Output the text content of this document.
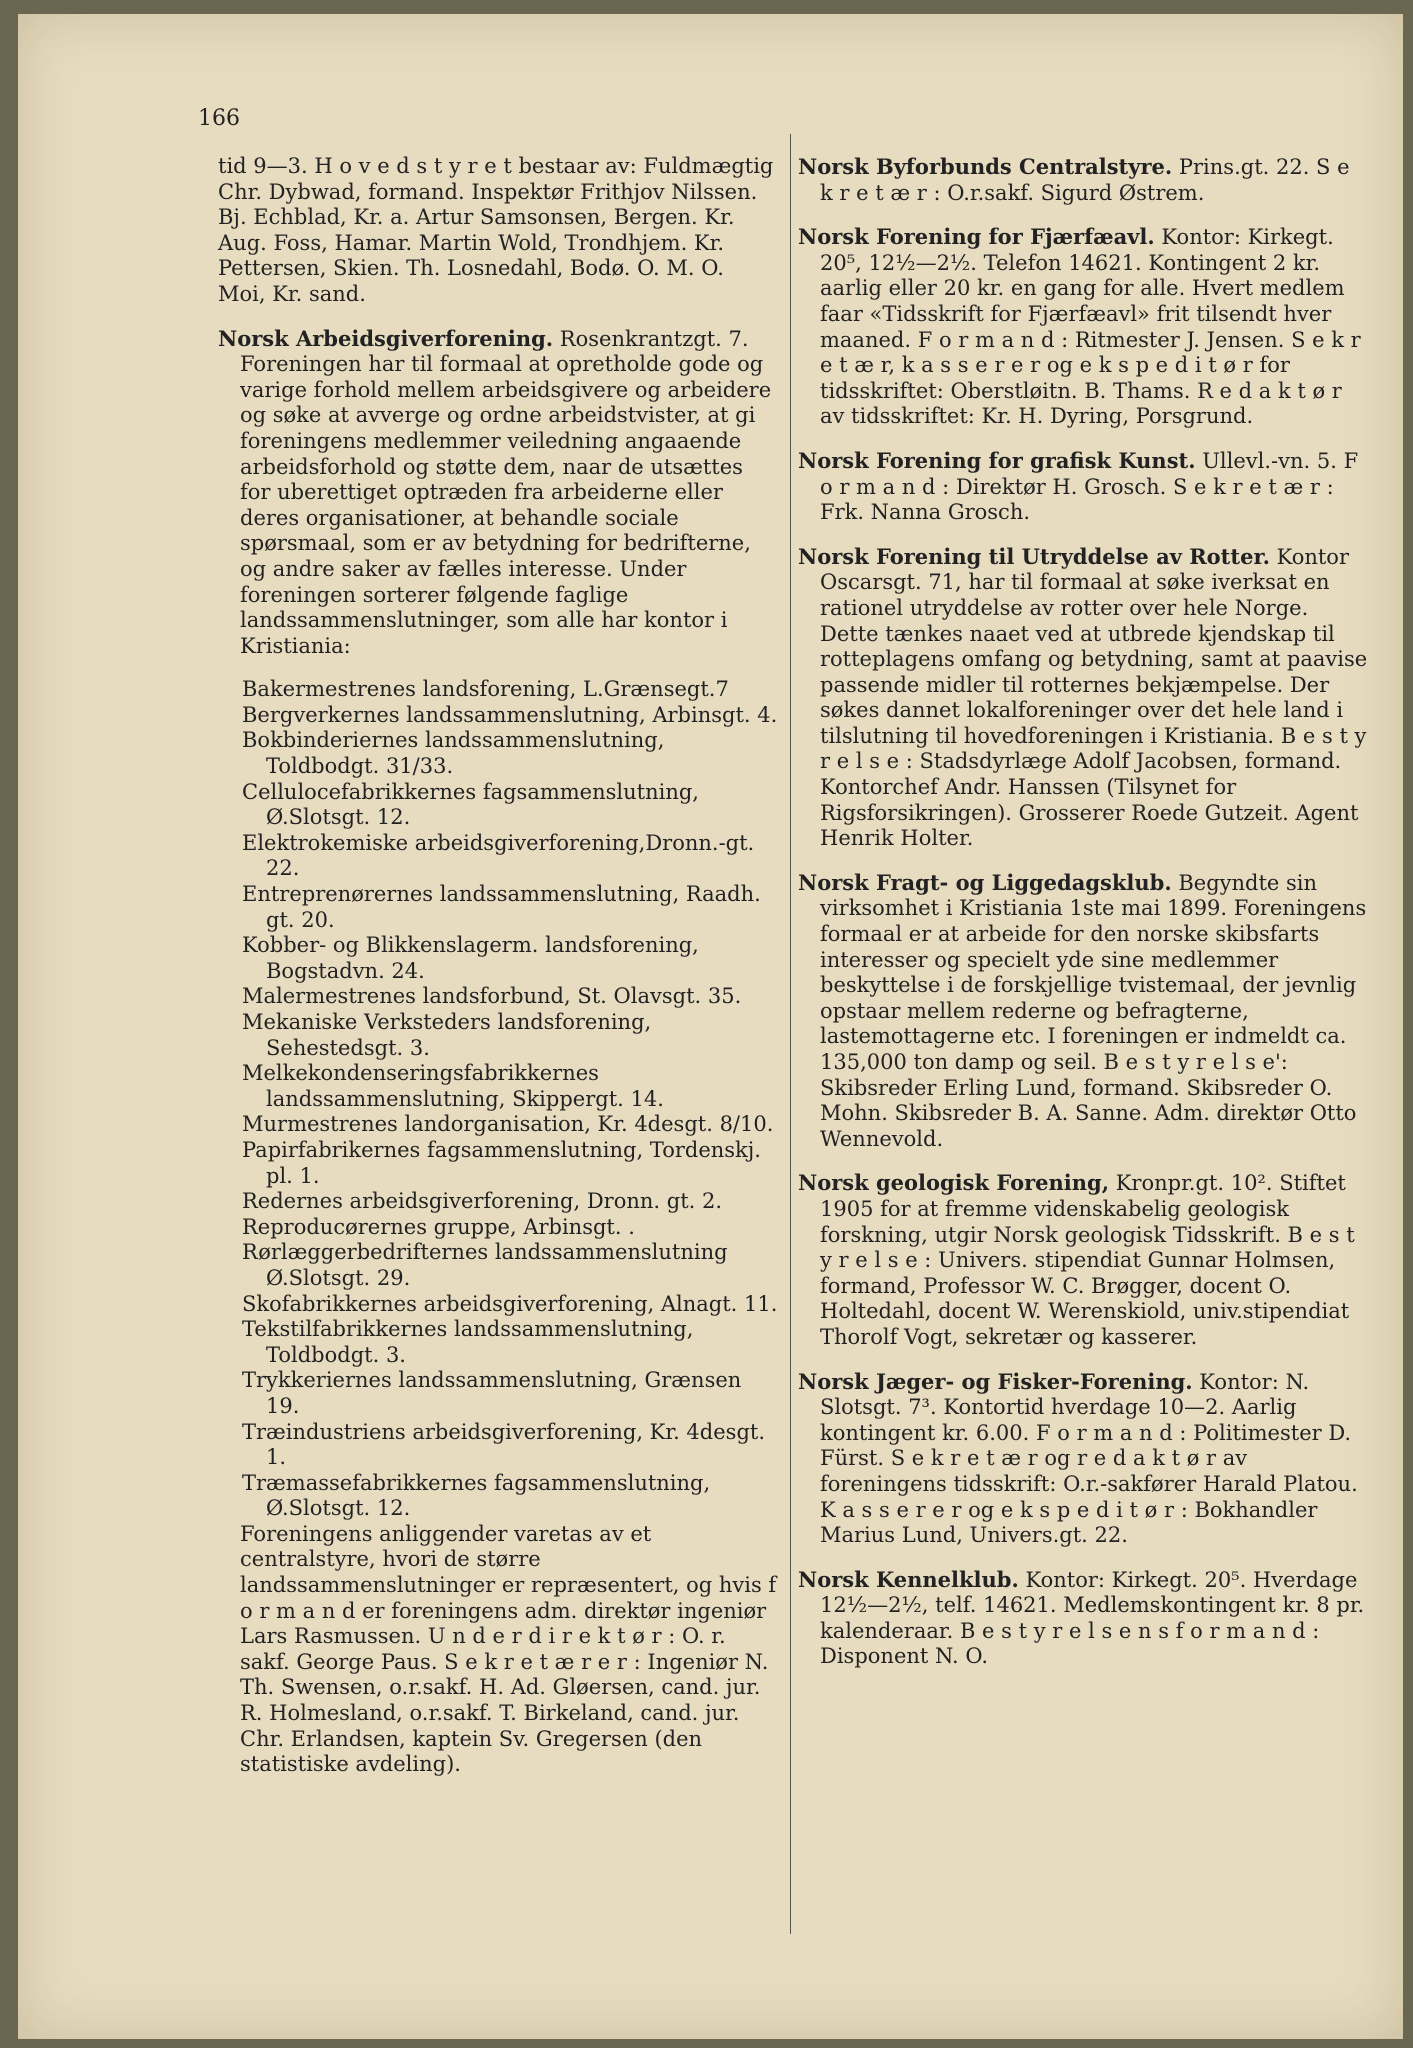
166

tid 9—3. H o v e d s t y r e t bestaar av: Fuldmægtig Chr. Dybwad, formand. Inspektør Frithjov Nilssen. Bj. Echblad, Kr. a. Artur Samsonsen, Bergen. Kr. Aug. Foss, Hamar. Martin Wold, Trondhjem. Kr. Pettersen, Skien. Th. Losnedahl, Bodø. O. M. O. Moi, Kr. sand.

Norsk Arbeidsgiverforening. Rosenkrantzgt. 7. Foreningen har til formaal at opretholde gode og varige forhold mellem arbeidsgivere og arbeidere og søke at avverge og ordne arbeidstvister, at gi foreningens medlemmer veiledning angaaende arbeidsforhold og støtte dem, naar de utsættes for uberettiget optræden fra arbeiderne eller deres organisationer, at behandle sociale spørsmaal, som er av betydning for bedrifterne, og andre saker av fælles interesse. Under foreningen sorterer følgende faglige landssammenslutninger, som alle har kontor i Kristiania:

Bakermestrenes landsforening, L.Grænsegt.7
Bergverkernes landssammenslutning, Arbinsgt. 4.
Bokbinderiernes landssammenslutning, Toldbodgt. 31/33.
Cellulocefabrikkernes fagsammenslutning, Ø.Slotsgt. 12.
Elektrokemiske arbeidsgiverforening,Dronn.-gt. 22.
Entreprenørernes landssammenslutning, Raadh. gt. 20.
Kobber- og Blikkenslagerm. landsforening, Bogstadvn. 24.
Malermestrenes landsforbund, St. Olavsgt. 35.
Mekaniske Verksteders landsforening, Sehestedsgt. 3.
Melkekondenseringsfabrikkernes landssammenslutning, Skippergt. 14.
Murmestrenes landorganisation, Kr. 4desgt. 8/10.
Papirfabrikernes fagsammenslutning, Tordenskj. pl. 1.
Redernes arbeidsgiverforening, Dronn. gt. 2.
Reproducørernes gruppe, Arbinsgt. .
Rørlæggerbedrifternes landssammenslutning Ø.Slotsgt. 29.
Skofabrikkernes arbeidsgiverforening, Alnagt. 11.
Tekstilfabrikkernes landssammenslutning, Toldbodgt. 3.
Trykkeriernes landssammenslutning, Grænsen 19.
Træindustriens arbeidsgiverforening, Kr. 4desgt. 1.
Træmassefabrikkernes fagsammenslutning, Ø.Slotsgt. 12.

Foreningens anliggender varetas av et centralstyre, hvori de større landssammenslutninger er repræsentert, og hvis f o r m a n d er foreningens adm. direktør ingeniør Lars Rasmussen. U n d e r d i r e k t ø r : O. r. sakf. George Paus. S e k r e t æ r e r : Ingeniør N. Th. Swensen, o.r.sakf. H. Ad. Gløersen, cand. jur. R. Holmesland, o.r.sakf. T. Birkeland, cand. jur. Chr. Erlandsen, kaptein Sv. Gregersen (den statistiske avdeling).

Norsk Byforbunds Centralstyre. Prins.gt. 22. S e k r e t æ r : O.r.sakf. Sigurd Østrem.

Norsk Forening for Fjærfæavl. Kontor: Kirkegt. 20⁵, 12½—2½. Telefon 14621. Kontingent 2 kr. aarlig eller 20 kr. en gang for alle. Hvert medlem faar «Tidsskrift for Fjærfæavl» frit tilsendt hver maaned. F o r m a n d : Ritmester J. Jensen. S e k r e t æ r, k a s s e r e r og e k s p e d i t ø r for tidsskriftet: Oberstløitn. B. Thams. R e d a k t ø r av tidsskriftet: Kr. H. Dyring, Porsgrund.

Norsk Forening for grafisk Kunst. Ullevl.-vn. 5. F o r m a n d : Direktør H. Grosch. S e k r e t æ r : Frk. Nanna Grosch.

Norsk Forening til Utryddelse av Rotter. Kontor Oscarsgt. 71, har til formaal at søke iverksat en rationel utryddelse av rotter over hele Norge. Dette tænkes naaet ved at utbrede kjendskap til rotteplagens omfang og betydning, samt at paavise passende midler til rotternes bekjæmpelse. Der søkes dannet lokalforeninger over det hele land i tilslutning til hovedforeningen i Kristiania. B e s t y r e l s e : Stadsdyrlæge Adolf Jacobsen, formand. Kontorchef Andr. Hanssen (Tilsynet for Rigsforsikringen). Grosserer Roede Gutzeit. Agent Henrik Holter.

Norsk Fragt- og Liggedagsklub. Begyndte sin virksomhet i Kristiania 1ste mai 1899. Foreningens formaal er at arbeide for den norske skibsfarts interesser og specielt yde sine medlemmer beskyttelse i de forskjellige tvistemaal, der jevnlig opstaar mellem rederne og befragterne, lastemottagerne etc. I foreningen er indmeldt ca. 135,000 ton damp og seil. B e s t y r e l s e': Skibsreder Erling Lund, formand. Skibsreder O. Mohn. Skibsreder B. A. Sanne. Adm. direktør Otto Wennevold.

Norsk geologisk Forening, Kronpr.gt. 10². Stiftet 1905 for at fremme videnskabelig geologisk forskning, utgir Norsk geologisk Tidsskrift. B e s t y r e l s e : Univers. stipendiat Gunnar Holmsen, formand, Professor W. C. Brøgger, docent O. Holtedahl, docent W. Werenskiold, univ.stipendiat Thorolf Vogt, sekretær og kasserer.

Norsk Jæger- og Fisker-Forening. Kontor: N. Slotsgt. 7³. Kontortid hverdage 10—2. Aarlig kontingent kr. 6.00. F o r m a n d : Politimester D. Fürst. S e k r e t æ r og r e d a k t ø r av foreningens tidsskrift: O.r.-sakfører Harald Platou. K a s s e r e r og e k s p e d i t ø r : Bokhandler Marius Lund, Univers.gt. 22.

Norsk Kennelklub. Kontor: Kirkegt. 20⁵. Hverdage 12½—2½, telf. 14621. Medlemskontingent kr. 8 pr. kalenderaar. B e s t y r e l s e n s f o r m a n d : Disponent N. O.
